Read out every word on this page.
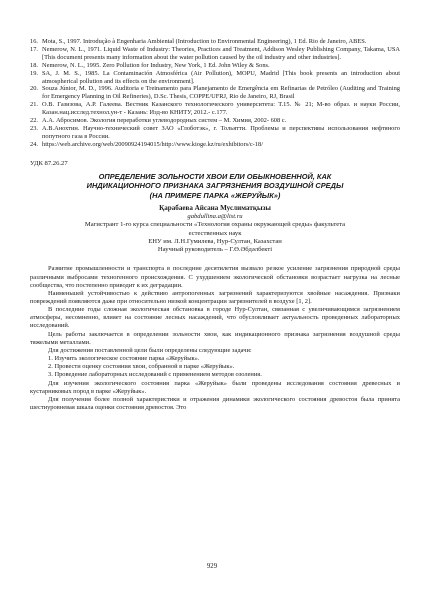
16. Mota, S., 1997. Introdução à Engenharia Ambiental (Introduction to Environmental Engineering), 1 Ed. Rio de Janeiro, ABES.
17. Nemerow, N. L., 1971. Liquid Waste of Industry: Theories, Practices and Treatment, Addison Wesley Publishing Company, Takama, USA [This document presents many information about the water pollution caused by the oil industry and other industries].
18. Nemerow, N. L., 1995. Zero Pollution for Industry, New York, 1 Ed. John Wiley & Sons.
19. SA, J. M. S., 1985. La Contaminación Atmosférica (Air Pollution), MOPU, Madrid [This book presents an introduction about atmospherical pollution and its effects on the environment].
20. Souza Júnior, M. D., 1996. Auditoria e Treinamento para Planejamento de Emergência em Refinarias de Petróleo (Auditing and Training for Emergency Planning in Oil Refineries), D.Sc. Thesis, COPPE/UFRJ, Rio de Janeiro, RJ, Brasil
21. О.В. Газизова, А.Р. Галеева. Вестник Казанского технологического университета: Т.15. № 21; М-во образ. и науки России, Казан.нац.исслед.технол.ун-т - Казань: Изд-во КНИТУ, 2012.- с.177.
22. А.А. Абросимов. Экология переработки углеводородных систем – М. Химия, 2002- 608 с.
23. А.В.Анохтин. Научно-технический совет ЗАО «Глоботэк», г. Тольятти. Проблемы и перспективы использования нефтяного попутного газа в России.
24. https://web.archive.org/web/20090924194015/http://www.kioge.kz/ru/exhibitors/c-18/
УДК 87.26.27
ОПРЕДЕЛЕНИЕ ЗОЛЬНОСТИ ХВОИ ЕЛИ ОБЫКНОВЕННОЙ, КАК
ИНДИКАЦИОННОГО ПРИЗНАКА ЗАГРЯЗНЕНИЯ ВОЗДУШНОЙ СРЕДЫ
(НА ПРИМЕРЕ ПАРКА «ЖЕРУЙЫК»)
Қарабаева Айсана Муслиматқызы
gabdullina.a@list.ru
Магистрант 1-го курса специальности «Технология охраны окружающей среды» факультета
естественных наук
ЕНУ им. Л.Н.Гумилева, Нур-Султан, Казахстан
Научный руководитель – Г.Ө.Әбдәлбекті

Развитие промышленности и транспорта в последние десятилетия вызвало резкое усиление загрязнения природной среды различными выбросами техногенного происхождения. С ухудшением экологической обстановки возрастает нагрузка на лесные сообщества, что постепенно приводит к их деградации.

Наименьшей устойчивостью к действию антропогенных загрязнений характеризуются хвойные насаждения. Признаки повреждений появляются даже при относительно низкой концентрации загрязнителей в воздухе [1, 2].

В последние годы сложная экологическая обстановка в городе Нур-Султан, связанная с увеличивающимся загрязнением атмосферы, несомненно, влияет на состояние лесных насаждений, что обусловливает актуальность проведенных лабораторных исследований.

Цель работы заключается в определении зольности хвои, как индикационного признака загрязнения воздушной среды тяжелыми металлами.

Для достижения поставленной цели были определены следующие задачи:

1. Изучить экологическое состояние парка «Жеруйык».

2. Провести оценку состояния хвои, собранной в парке «Жеруйык».

3. Проведение лабораторных исследований с применением методов озоления.

Для изучения экологического состояния парка «Жеруйык» были проведены исследования состояния древесных и кустарниковых пород в парке «Жеруйык».

Для получения более полной характеристики и отражения динамики экологического состояния древостоя была принята шестиуровневая шкала оценки состояния древостоя. Это

929
